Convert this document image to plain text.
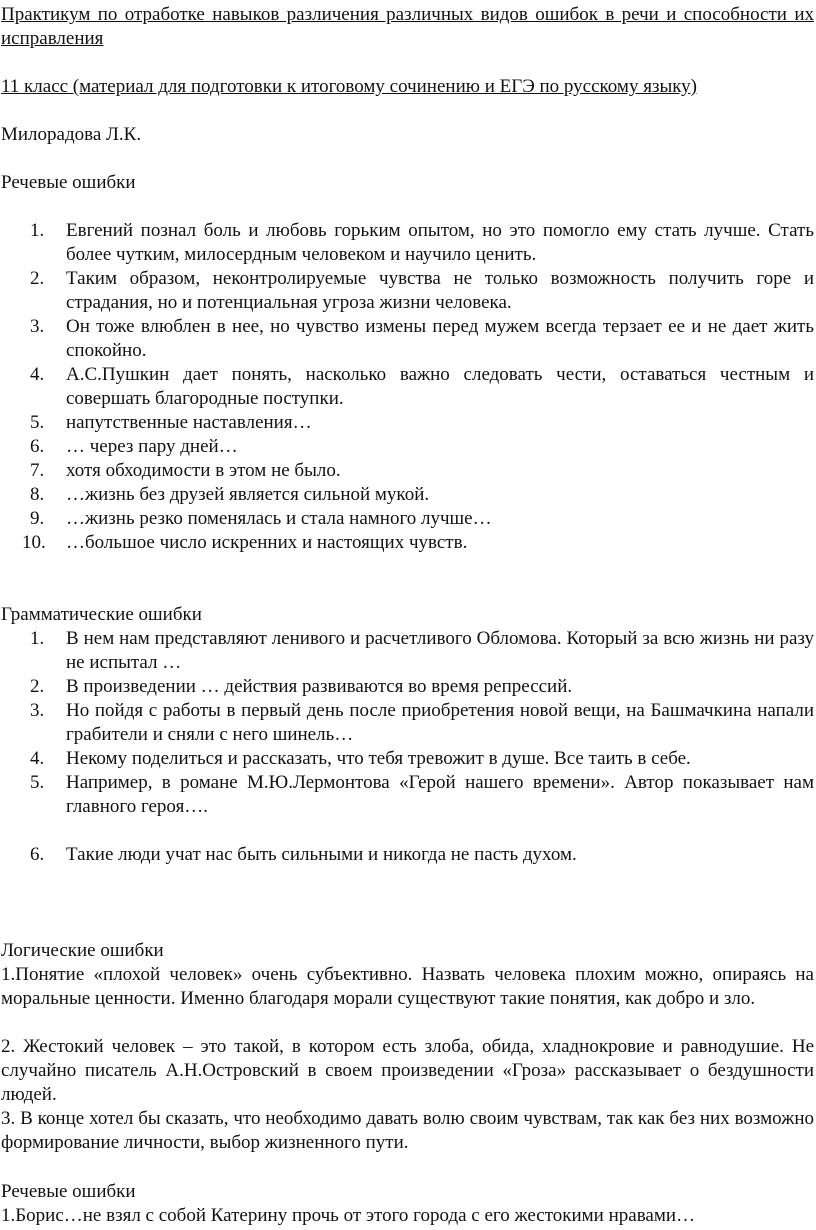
Практикум по отработке навыков различения различных видов ошибок в речи и способности их исправления
11 класс (материал для подготовки к итоговому сочинению и ЕГЭ по русскому языку)
Милорадова Л.К.
Речевые ошибки
1. Евгений познал боль и любовь горьким опытом, но это помогло ему стать лучше. Стать более чутким, милосердным человеком и научило ценить.
2. Таким образом, неконтролируемые чувства не только возможность получить горе и страдания, но и потенциальная угроза жизни человека.
3. Он тоже влюблен в нее, но чувство измены перед мужем всегда терзает ее и не дает жить спокойно.
4. А.С.Пушкин дает понять, насколько важно следовать чести, оставаться честным и совершать благородные поступки.
5. напутственные наставления…
6. … через пару дней…
7. хотя обходимости в этом не было.
8. …жизнь без друзей является сильной мукой.
9. …жизнь резко поменялась и стала намного лучше…
10. …большое число искренних и настоящих чувств.
Грамматические ошибки
1. В нем нам представляют ленивого и расчетливого Обломова. Который за всю жизнь ни разу не испытал …
2. В произведении … действия развиваются во время репрессий.
3. Но пойдя с работы в первый день после приобретения новой вещи, на Башмачкина напали грабители и сняли с него шинель…
4. Некому поделиться и рассказать, что тебя тревожит в душе. Все таить в себе.
5. Например, в романе М.Ю.Лермонтова «Герой нашего времени». Автор показывает нам главного героя….
6. Такие люди учат нас быть сильными и никогда не пасть духом.
Логические ошибки
1.Понятие «плохой человек» очень субъективно. Назвать человека плохим можно, опираясь на моральные ценности. Именно благодаря морали существуют такие понятия, как добро и зло.
2. Жестокий человек – это такой, в котором есть злоба, обида, хладнокровие и равнодушие. Не случайно писатель А.Н.Островский в своем произведении «Гроза» рассказывает о бездушности людей.
3. В конце хотел бы сказать, что необходимо давать волю своим чувствам, так как без них возможно формирование личности, выбор жизненного пути.
Речевые ошибки
1.Борис…не взял с собой Катерину прочь от этого города с его жестокими нравами…
